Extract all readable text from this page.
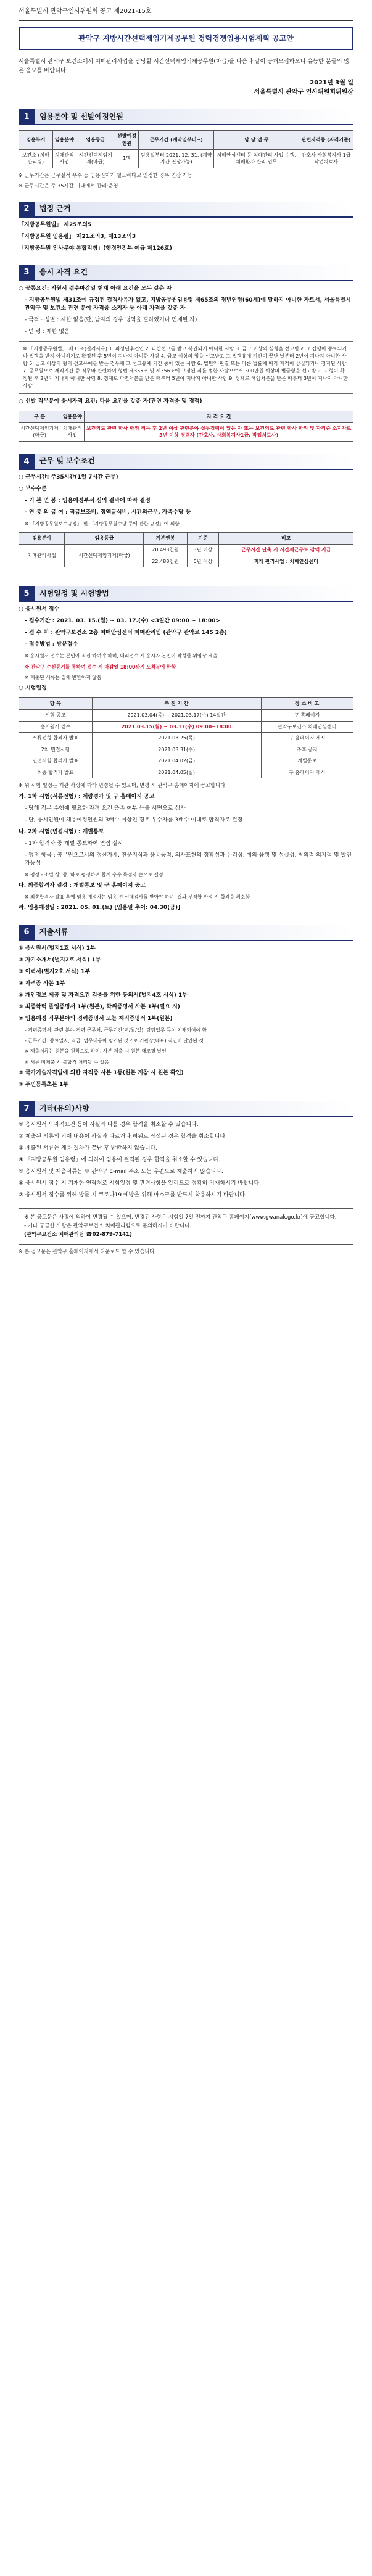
서울특별시 관악구인사위원회 공고 제2021-15호
관악구 지방시간선택제임기제공무원 경력경쟁임용시험계획 공고안

서울특별시 관악구 보건소에서 치매관리사업을 담당할 시간선택제임기제공무원(마급)을 다음과 같이 공개모집하오니 유능한 분들의 많은 응모를 바랍니다.

2021년 3월 일

서울특별시 관악구 인사위원회위원장

1	임용분야 및 선발예정인원
임용부서	임용분야	임용등급	선발예정인원	근무기간 (계약일부터~)	담 당 업 무	관련자격증 (자격기준)
보건소 (치매관리팀)	치매관리사업	시간선택제임기제(마급)	1명	임용일부터 2021. 12. 31. (계약기간 연장가능)	치매안심센터 등 치매관리 사업 수행, 치매환자 관리 업무	간호사 사회복지사 1급 작업치료사

※ 근무기간은 근무실적 우수 등 임용권자가 필요하다고 인정한 경우 연장 가능

※ 근무시간은 주 35시간 이내에서 관리·운영

2	법정 근거

「지방공무원법」 제25조의5

「지방공무원 임용령」 제21조의3, 제13조의3

「지방공무원 인사분야 통합지침」(행정안전부 예규 제126호)

3	응시 자격 요건

○ 공통요건: 지원서 접수마감일 현재 아래 요건을 모두 갖춘 자

- 지방공무원법 제31조에 규정된 결격사유가 없고, 지방공무원임용령 제65조의 정년연령(60세)에 달하지 아니한 자로서, 서울특별시 관악구 및 보건소 관련 분야 자격증 소지자 등 아래 자격을 갖춘 자

- 국적 · 성별 : 제한 없음(단, 남자의 경우 병역을 필하였거나 면제된 자)

- 연 령 : 제한 없음

※ 「지방공무원법」 제31조(결격사유) 1. 피성년후견인 2. 파산선고를 받고 복권되지 아니한 사람 3. 금고 이상의 실형을 선고받고 그 집행이 종료되거나 집행을 받지 아니하기로 확정된 후 5년이 지나지 아니한 사람 4. 금고 이상의 형을 선고받고 그 집행유예 기간이 끝난 날부터 2년이 지나지 아니한 사람 5. 금고 이상의 형의 선고유예를 받은 경우에 그 선고유예 기간 중에 있는 사람 6. 법원의 판결 또는 다른 법률에 따라 자격이 상실되거나 정지된 사람 7. 공무원으로 재직기간 중 직무와 관련하여 형법 제355조 및 제356조에 규정된 죄를 범한 사람으로서 300만원 이상의 벌금형을 선고받고 그 형이 확정된 후 2년이 지나지 아니한 사람 8. 징계로 파면처분을 받은 때부터 5년이 지나지 아니한 사람 9. 징계로 해임처분을 받은 때부터 3년이 지나지 아니한 사람

○ 선발 직무분야 응시자격 요건: 다음 요건을 갖춘 자(관련 자격증 및 경력)

구 분	임용분야	자 격 요 건
시간선택제임기제 (마급)	치매관리사업	보건의료 관련 학사 학위 취득 후 2년 이상 관련분야 실무경력이 있는 자 또는 보건의료 관련 학사 학위 및 자격증 소지자로 3년 이상 경력자 (간호사, 사회복지사1급, 작업치료사)
4	근무 및 보수조건

○ 근무시간: 주35시간(1일 7시간 근무)

○ 보수수준

- 기 본 연 봉 : 임용예정부서 심의 결과에 따라 결정

- 연 봉 외 급 여 : 직급보조비, 정액급식비, 시간외근무, 가족수당 등

※ 「지방공무원보수규정」 및 「지방공무원수당 등에 관한 규정」에 의함

임용분야	임용등급	기본연봉	기준	비고
치매관리사업	시간선택제임기제(마급)	20,493천원	3년 이상	근무시간 단축 시 시간제근무로 감액 지급
		22,488천원	5년 이상	지게 관리사업 : 치매안심센터
5	시험일정 및 시험방법

○ 응시원서 접수

- 접수기간 : 2021. 03. 15.(월) ~ 03. 17.(수) <3일간 09:00 ~ 18:00>

- 접 수 처 : 관악구보건소 2층 치매안심센터 치매관리팀 (관악구 관악로 145 2층)

- 접수방법 : 방문접수

※ 응시원서 접수는 본인이 직접 하여야 하며, 대리접수 시 응시자 본인이 작성한 위임장 제출

※ 관악구 수신등기를 통하여 접수 시 마감일 18:00까지 도착분에 한함

※ 제출된 서류는 일체 반환하지 않음

○ 시험일정

항 목	추 진 기 간	장 소 비 고
시험 공고	2021.03.04(목) ~ 2021.03.17(수) 14일간	구 홈페이지
응시원서 접수	2021.03.15(월) ~ 03.17(수) 09:00~18:00	관악구보건소 치매안심센터
서류전형 합격자 발표	2021.03.25(목)	구 홈페이지 게시
2차 면접시험	2021.03.31(수)	추후 공지
면접시험 합격자 발표	2021.04.02(금)	개별통보
최종 합격자 발표	2021.04.05(월)	구 홈페이지 게시

※ 위 시험 일정은 기관 사정에 따라 변경될 수 있으며, 변경 시 관악구 홈페이지에 공고합니다.

가. 1차 시험(서류전형) : 계량평가 및 구 홈페이지 공고

- 당해 직무 수행에 필요한 자격 요건 충족 여부 등을 서면으로 심사

- 단, 응시인원이 채용예정인원의 3배수 이상인 경우 우수자를 3배수 이내로 합격자로 결정

나. 2차 시험(면접시험) : 개별통보

- 1차 합격자 중 개별 통보하여 면접 실시

- 평정 항목 : 공무원으로서의 정신자세, 전문지식과 응용능력, 의사표현의 정확성과 논리성, 예의·품행 및 성실성, 창의력·의지력 및 발전가능성

※ 평정요소별 상, 중, 하로 평정하여 합계 우수 득점자 순으로 결정

다. 최종합격자 결정 : 개별통보 및 구 홈페이지 공고

※ 최종합격자 발표 후에 임용 예정자는 임용 전 신체검사를 받아야 하며, 결과 부적합 판정 시 합격을 취소함

라. 임용예정일 : 2021. 05. 01.(토) [임용일 추어: 04.30(금)]

6	제출서류

① 응시원서(별지1호 서식) 1부

② 자기소개서(별지2호 서식) 1부

③ 이력서(별지2호 서식) 1부

④ 자격증 사본 1부

⑤ 개인정보 제공 및 자격요건 검증을 위한 동의서(별지4호 서식) 1부

⑥ 최종학력 졸업증명서 1부(원본), 학위증명서 사본 1부(필요 시)

⑦ 임용예정 직무분야의 경력증명서 또는 재직증명서 1부(원본)

- 경력증명서: 관련 분야 경력 근무처, 근무기간(년/월/일), 담당업무 등이 기재되어야 함

- 근무기간: 종료일자, 직급, 업무내용이 명기된 것으로 기관장(대표) 직인이 날인된 것

※ 제출서류는 원본을 원칙으로 하며, 사본 제출 시 원본 대조필 날인

※ 서류 미제출 시 불합격 처리될 수 있음

⑧ 국가기술자격법에 의한 자격증 사본 1통(원본 지참 시 원본 확인)

⑨ 주민등록초본 1부

7	기타(유의)사항

① 응시원서의 자격요건 등이 사실과 다를 경우 합격을 취소할 수 있습니다.

② 제출된 서류의 기재 내용이 사실과 다르거나 허위로 작성된 경우 합격을 취소합니다.

③ 제출된 서류는 채용 절차가 끝난 후 반환하지 않습니다.

④ 「지방공무원 임용령」에 의하여 임용이 결격된 경우 합격을 취소할 수 있습니다.

⑤ 응시원서 및 제출서류는 ＊ 관악구 E-mail 주소 또는 우편으로 제출하지 않습니다.

⑥ 응시원서 접수 시 기재한 연락처로 시험일정 및 관련사항을 알리므로 정확히 기재하시기 바랍니다.

⑦ 응시원서 접수를 위해 방문 시 코로나19 예방을 위해 마스크를 반드시 착용하시기 바랍니다.

※ 본 공고문은 사정에 의하여 변경될 수 있으며, 변경된 사항은 시험일 7일 전까지 관악구 홈페이지(www.gwanak.go.kr)에 공고합니다.

- 기타 궁금한 사항은 관악구보건소 치매관리팀으로 문의하시기 바랍니다.

(관악구보건소 치매관리팀 ☎02-879-7141)

※ 본 공고문은 관악구 홈페이지에서 다운로드 할 수 있습니다.
